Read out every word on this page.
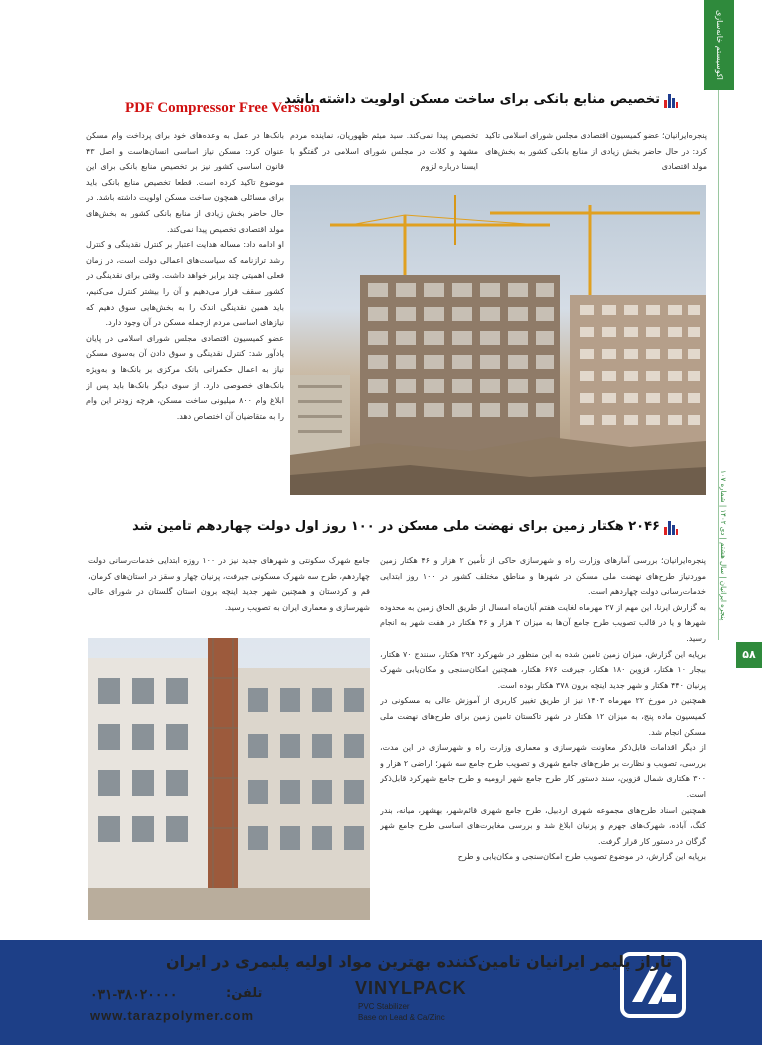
اکوسیستم خانه‌سازی
پنجره ایرانیان | سال هشتم | دی ۱۴۰۲ | شماره ۱۰۷
۵۸
PDF Compressor Free Version
تخصیص منابع بانکی برای ساخت مسکن اولویت داشته باشد
پنجره‌ایرانیان؛ عضو کمیسیون اقتصادی مجلس شورای اسلامی تاکید کرد: در حال حاضر بخش زیادی از منابع بانکی کشور به بخش‌های مولد اقتصادی
تخصیص پیدا نمی‌کند. سید میثم ظهوریان، نماینده مردم مشهد و کلات در مجلس شورای اسلامی در گفتگو با ایسنا درباره لزوم

بانک‌ها در عمل به وعده‌های خود برای پرداخت وام مسکن عنوان کرد: مسکن نیاز اساسی انسان‌هاست و اصل ۴۳ قانون اساسی کشور نیز بر تخصیص منابع بانکی برای این موضوع تاکید کرده است. قطعا تخصیص منابع بانکی باید برای مسائلی همچون ساخت مسکن اولویت داشته باشد. در حال حاضر بخش زیادی از منابع بانکی کشور به بخش‌های مولد اقتصادی تخصیص پیدا نمی‌کند.

او ادامه داد: مساله هدایت اعتبار بر کنترل نقدینگی و کنترل رشد ترازنامه که سیاست‌های اعمالی دولت است، در زمان فعلی اهمیتی چند برابر خواهد داشت. وقتی برای نقدینگی در کشور سقف قرار می‌دهیم و آن را بیشتر کنترل می‌کنیم، باید همین نقدینگی اندک را به بخش‌هایی سوق دهیم که نیازهای اساسی مردم ازجمله مسکن در آن وجود دارد.

عضو کمیسیون اقتصادی مجلس شورای اسلامی در پایان یادآور شد: کنترل نقدینگی و سوق دادن آن به‌سوی مسکن نیاز به اعمال حکمرانی بانک مرکزی بر بانک‌ها و به‌ویژه بانک‌های خصوصی دارد. از سوی دیگر بانک‌ها باید پس از ابلاغ وام ۸۰۰ میلیونی ساخت مسکن، هرچه زودتر این وام را به متقاضیان آن اختصاص دهد.

۲۰۴۶ هکتار زمین برای نهضت ملی مسکن در ۱۰۰ روز اول دولت چهاردهم تامین شد
جامع شهرک سکونتی و شهرهای جدید نیز در ۱۰۰ روزه ابتدایی خدمات‌رسانی دولت چهاردهم، طرح سه شهرک مسکونی جیرفت، پرنیان چهار و سقز در استان‌های کرمان، قم و کردستان و همچنین شهر جدید اینچه برون استان گلستان در شورای عالی شهرسازی و معماری ایران به تصویب رسید.

پنجره‌ایرانیان؛ بررسی آمارهای وزارت راه و شهرسازی حاکی از تأمین ۲ هزار و ۴۶ هکتار زمین موردنیاز طرح‌های نهضت ملی مسکن در شهرها و مناطق مختلف کشور در ۱۰۰ روز ابتدایی خدمات‌رسانی دولت چهاردهم است.

به گزارش ایرنا، این مهم از ۲۷ مهرماه لغایت هفتم آبان‌ماه امسال از طریق الحاق زمین به محدوده شهرها و یا در قالب تصویب طرح جامع آن‌ها به میزان ۲ هزار و ۴۶ هکتار در هفت شهر به انجام رسید.

برپایه این گزارش، میزان زمین تامین شده به این منظور در شهرکرد ۲۹۲ هکتار، سنندج ۷۰ هکتار، بیجار ۱۰ هکتار، قزوین ۱۸۰ هکتار، جیرفت ۶۷۶ هکتار، همچنین امکان‌سنجی و مکان‌یابی شهرک پرنیان ۴۴۰ هکتار و شهر جدید اینچه برون ۳۷۸ هکتار بوده است.

همچنین در مورخ ۲۲ مهرماه ۱۴۰۳ نیز از طریق تغییر کاربری از آموزش عالی به مسکونی در کمیسیون ماده پنج، به میزان ۱۲ هکتار در شهر تاکستان تامین زمین برای طرح‌های نهضت ملی مسکن انجام شد.

از دیگر اقدامات قابل‌ذکر معاونت شهرسازی و معماری وزارت راه و شهرسازی در این مدت، بررسی، تصویب و نظارت بر طرح‌های جامع شهری و تصویب طرح جامع سه شهر؛ اراضی ۲ هزار و ۳۰۰ هکتاری شمال قزوین، سند دستور کار طرح جامع شهر ارومیه و طرح جامع شهرکرد قابل‌ذکر است.

همچنین اسناد طرح‌های مجموعه شهری اردبیل، طرح جامع شهری قائم‌شهر، بهشهر، میانه، بندر کنگ، آباده، شهرک‌های جهرم و پرنیان ابلاغ شد و بررسی مغایرت‌های اساسی طرح جامع شهر گرگان در دستور کار قرار گرفت.

برپایه این گزارش، در موضوع تصویب طرح امکان‌سنجی و مکان‌یابی و طرح

تاراز پلیمر ایرانیان تامین‌کننده بهترین مواد اولیه پلیمری در ایران
VINYLPACK
PVC Stabilizer
Base on Lead & Ca/Zinc
تلفن:
۰۳۱-۳۸۰۲۰۰۰۰
www.tarazpolymer.com
